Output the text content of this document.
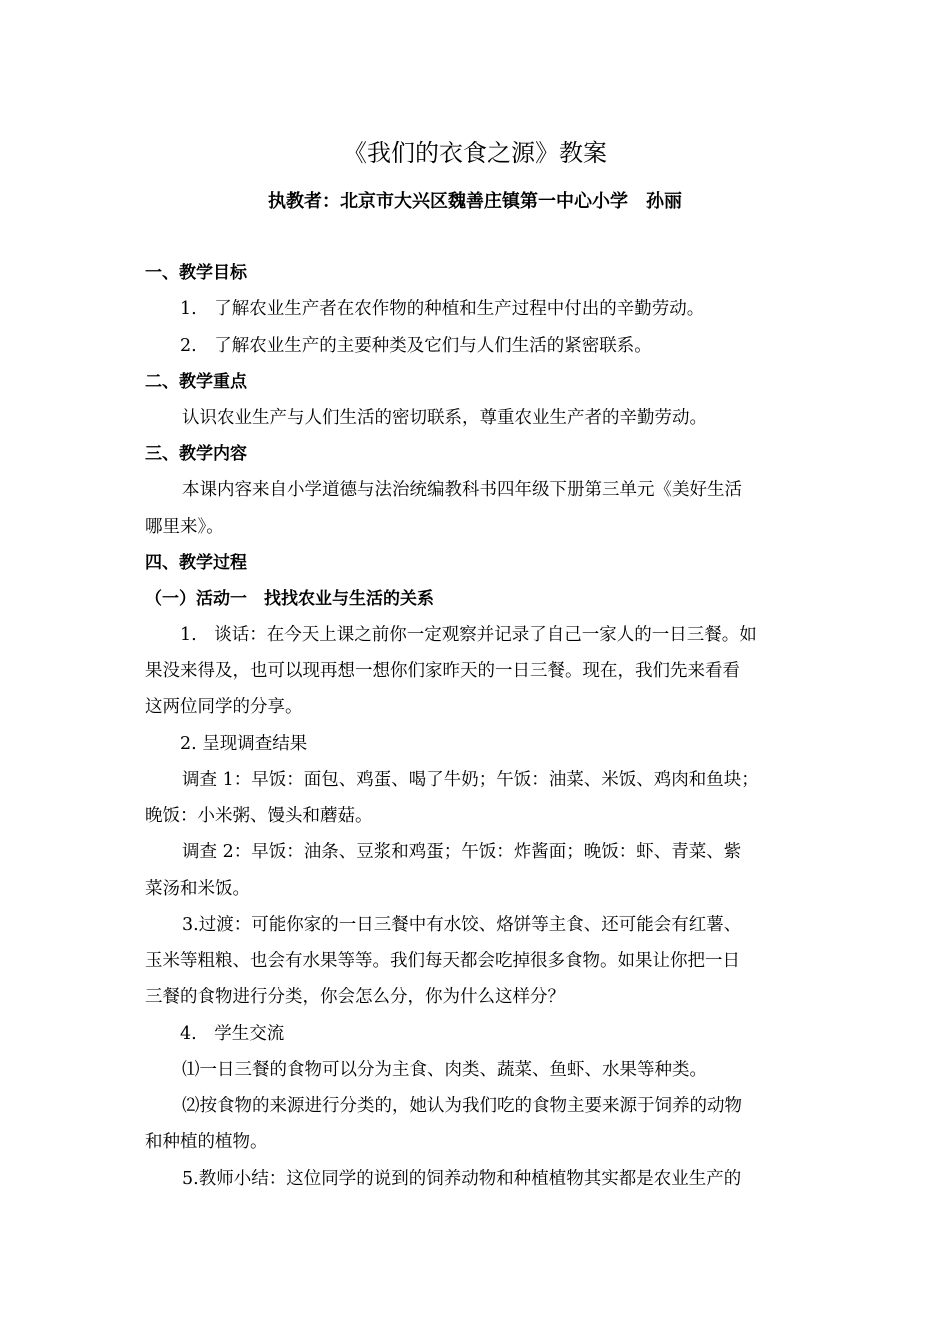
《我们的衣食之源》教案

执教者：北京市大兴区魏善庄镇第一中心小学　孙丽

一、教学目标

1.　了解农业生产者在农作物的种植和生产过程中付出的辛勤劳动。

2.　了解农业生产的主要种类及它们与人们生活的紧密联系。

二、教学重点

认识农业生产与人们生活的密切联系，尊重农业生产者的辛勤劳动。

三、教学内容

本课内容来自小学道德与法治统编教科书四年级下册第三单元《美好生活

哪里来》。

四、教学过程

（一）活动一　找找农业与生活的关系

1.　谈话：在今天上课之前你一定观察并记录了自己一家人的一日三餐。如

果没来得及，也可以现再想一想你们家昨天的一日三餐。现在，我们先来看看

这两位同学的分享。

2. 呈现调查结果

调查 1：早饭：面包、鸡蛋、喝了牛奶；午饭：油菜、米饭、鸡肉和鱼块；

晚饭：小米粥、馒头和蘑菇。

调查 2：早饭：油条、豆浆和鸡蛋；午饭：炸酱面；晚饭：虾、青菜、紫

菜汤和米饭。

3.过渡：可能你家的一日三餐中有水饺、烙饼等主食、还可能会有红薯、

玉米等粗粮、也会有水果等等。我们每天都会吃掉很多食物。如果让你把一日

三餐的食物进行分类，你会怎么分，你为什么这样分？

4.　学生交流

⑴一日三餐的食物可以分为主食、肉类、蔬菜、鱼虾、水果等种类。

⑵按食物的来源进行分类的，她认为我们吃的食物主要来源于饲养的动物

和种植的植物。

5.教师小结：这位同学的说到的饲养动物和种植植物其实都是农业生产的
